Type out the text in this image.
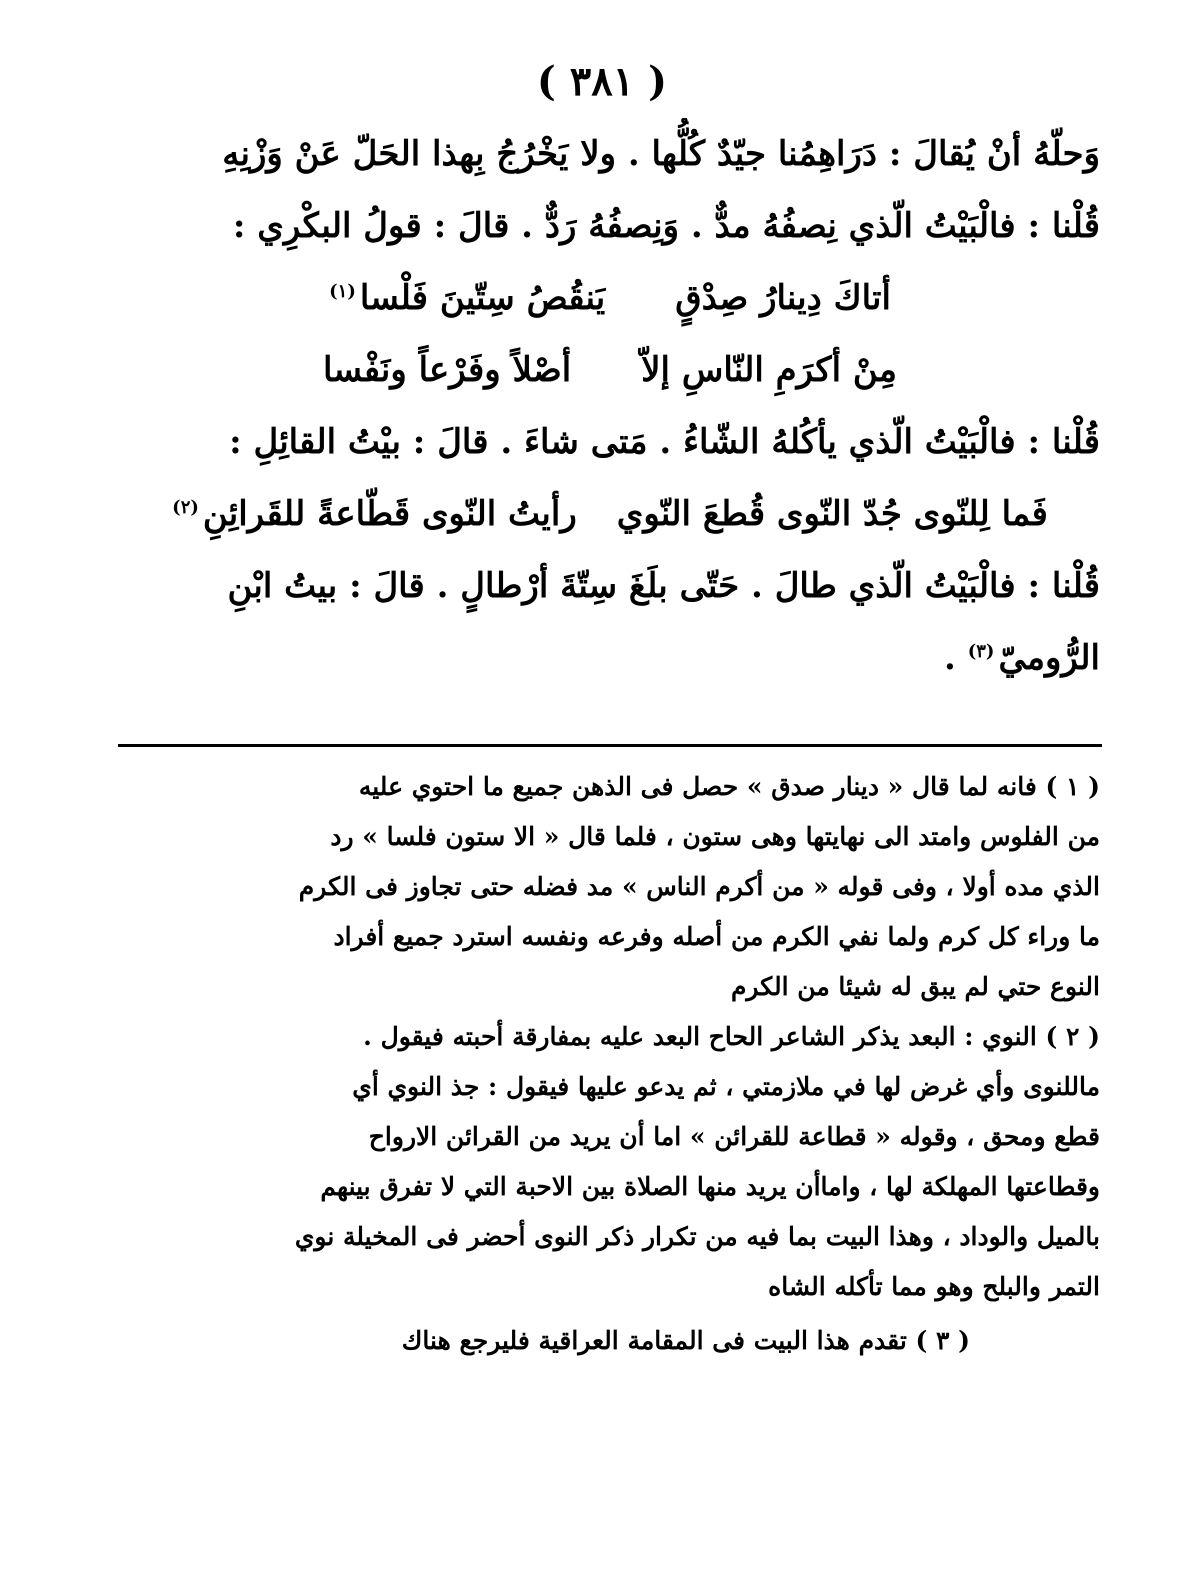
( ٣٨١ )
وَحلّهُ أنْ يُقالَ : دَرَاهِمُنا جيّدٌ كُلُّها . ولا يَخْرُجُ بِهذا الحَلّ عَنْ وَزْنِهِ
قُلْنا : فالْبَيْتُ الّذي نِصفُهُ مدٌّ . وَنِصفُهُ رَدٌّ . قالَ : قولُ البكْرِي :
أتاكَ دِينارُ صِدْقٍ
يَنقُصُ سِتّينَ فَلْسا$^{(١)}$
مِنْ أكرَمِ النّاسِ إلاّ
أصْلاً وفَرْعاً ونَفْسا
قُلْنا : فالْبَيْتُ الّذي يأكُلهُ الشّاءُ . مَتى شاءَ . قالَ : بيْتُ القائِلِ :
فَما لِلنّوى جُدّ النّوى قُطعَ النّوي
رأيتُ النّوى قَطّاعةً للقَرائِنِ$^{(٢)}$
قُلْنا : فالْبَيْتُ الّذي طالَ . حَتّى بلَغَ سِتّةَ أرْطالٍ . قالَ : بيتُ ابْنِ
الرُّوميّ$^{(٣)}$ .
( ١ ) فانه لما قال « دينار صدق » حصل فى الذهن جميع ما احتوي عليه
من الفلوس وامتد الى نهايتها وهى ستون ، فلما قال « الا ستون فلسا » رد
الذي مده أولا ، وفى قوله « من أكرم الناس » مد فضله حتى تجاوز فى الكرم
ما وراء كل كرم ولما نفي الكرم من أصله وفرعه ونفسه استرد جميع أفراد
النوع حتي لم يبق له شيئا من الكرم
( ٢ ) النوي : البعد يذكر الشاعر الحاح البعد عليه بمفارقة أحبته فيقول .
ماللنوى وأي غرض لها في ملازمتي ، ثم يدعو عليها فيقول : جذ النوي أي
قطع ومحق ، وقوله « قطاعة للقرائن » اما أن يريد من القرائن الارواح
وقطاعتها المهلكة لها ، واماأن يريد منها الصلاة بين الاحبة التي لا تفرق بينهم
بالميل والوداد ، وهذا البيت بما فيه من تكرار ذكر النوى أحضر فى المخيلة نوي
التمر والبلح وهو مما تأكله الشاه
( ٣ ) تقدم هذا البيت فى المقامة العراقية فليرجع هناك
